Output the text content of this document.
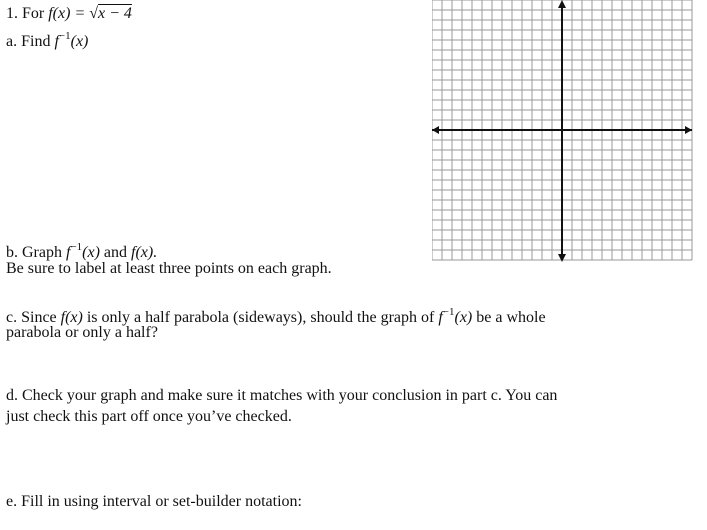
1. For f(x) = √x − 4
a. Find $f^{-1}(x)$
b. Graph $f^{-1}(x)$ and f(x).
Be sure to label at least three points on each graph.
c. Since f(x) is only a half parabola (sideways), should the graph of $f^{-1}(x)$ be a whole
parabola or only a half?
d. Check your graph and make sure it matches with your conclusion in part c. You can
just check this part off once you’ve checked.
e. Fill in using interval or set-builder notation:
